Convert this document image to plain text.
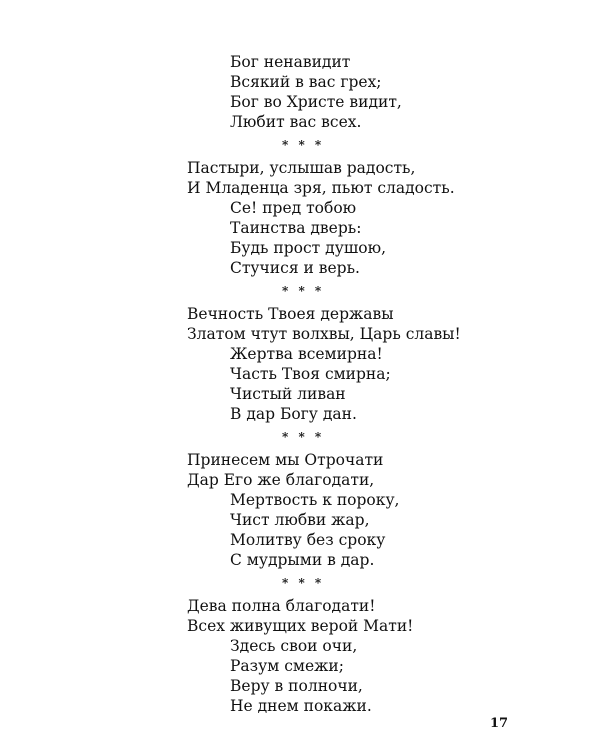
Бог ненавидит
Всякий в вас грех;
Бог во Христе видит,
Любит вас всех.
* * *
Пастыри, услышав радость,
И Младенца зря, пьют сладость.
Се! пред тобою
Таинства дверь:
Будь прост душою,
Стучися и верь.
* * *
Вечность Твоея державы
Златом чтут волхвы, Царь славы!
Жертва всемирна!
Часть Твоя смирна;
Чистый ливан
В дар Богу дан.
* * *
Принесем мы Отрочати
Дар Его же благодати,
Мертвость к пороку,
Чист любви жар,
Молитву без сроку
С мудрыми в дар.
* * *
Дева полна благодати!
Всех живущих верой Мати!
Здесь свои очи,
Разум смежи;
Веру в полночи,
Не днем покажи.
17
